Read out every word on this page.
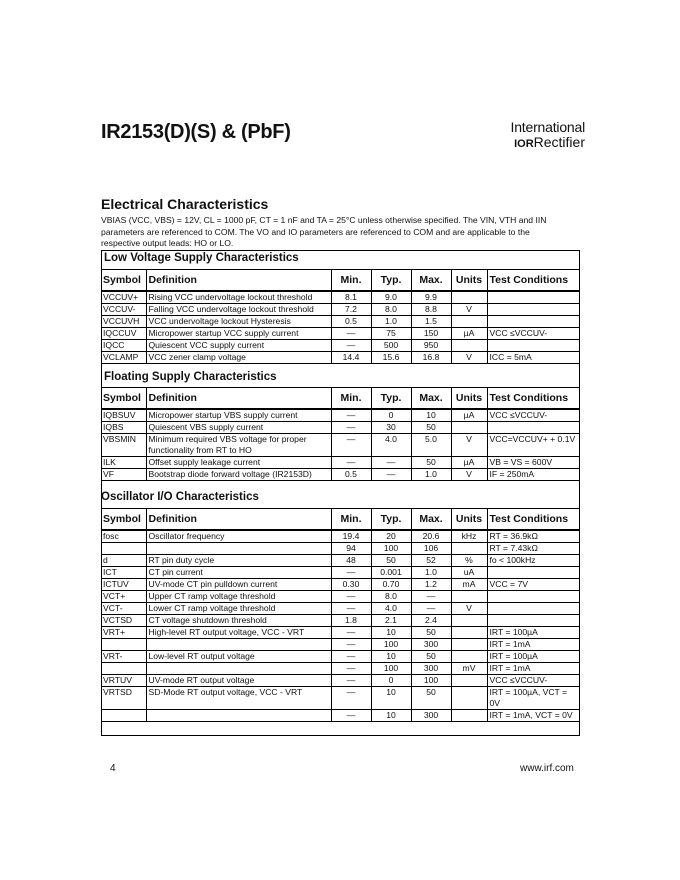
IR2153(D)(S) & (PbF)	International
IORRectifier
Electrical Characteristics
VBIAS (VCC, VBS) = 12V, CL = 1000 pF, CT = 1 nF and TA = 25°C unless otherwise specified. The VIN, VTH and IIN parameters are referenced to COM. The VO and IO parameters are referenced to COM and are applicable to the respective output leads: HO or LO.
Low Voltage Supply Characteristics
Symbol	Definition	Min.	Typ.	Max.	Units	Test Conditions
VCCUV+	Rising VCC undervoltage lockout threshold	8.1	9.0	9.9		
VCCUV-	Falling VCC undervoltage lockout threshold	7.2	8.0	8.8	V	
VCCUVH	VCC undervoltage lockout Hysteresis	0.5	1.0	1.5		
IQCCUV	Micropower startup VCC supply current	—	75	150	µA	VCC ≤VCCUV-
IQCC	Quiescent VCC supply current	—	500	950		
VCLAMP	VCC zener clamp voltage	14.4	15.6	16.8	V	ICC = 5mA
Floating Supply Characteristics
Symbol	Definition	Min.	Typ.	Max.	Units	Test Conditions
IQBSUV	Micropower startup VBS supply current	—	0	10	µA	VCC ≤VCCUV-
IQBS	Quiescent VBS supply current	—	30	50		
VBSMIN	Minimum required VBS voltage for proper functionality from RT to HO	—	4.0	5.0	V	VCC=VCCUV+ + 0.1V
ILK	Offset supply leakage current	—	—	50	µA	VB = VS = 600V
VF	Bootstrap diode forward voltage (IR2153D)	0.5	—	1.0	V	IF = 250mA
Oscillator I/O Characteristics
Symbol	Definition	Min.	Typ.	Max.	Units	Test Conditions
fosc	Oscillator frequency	19.4	20	20.6	kHz	RT = 36.9kΩ
		94	100	106		RT = 7.43kΩ
d	RT pin duty cycle	48	50	52	%	fo < 100kHz
ICT	CT pin current	—	0.001	1.0	uA	
ICTUV	UV-mode CT pin pulldown current	0.30	0.70	1.2	mA	VCC = 7V
VCT+	Upper CT ramp voltage threshold	—	8.0	—		
VCT-	Lower CT ramp voltage threshold	—	4.0	—	V	
VCTSD	CT voltage shutdown threshold	1.8	2.1	2.4		
VRT+	High-level RT output voltage, VCC - VRT	—	10	50		IRT = 100µA
		—	100	300		IRT = 1mA
VRT-	Low-level RT output voltage	—	10	50		IRT = 100µA
		—	100	300	mV	IRT = 1mA
VRTUV	UV-mode RT output voltage	—	0	100		VCC ≤VCCUV-
VRTSD	SD-Mode RT output voltage, VCC - VRT	—	10	50		IRT = 100µA, VCT = 0V
		—	10	300		IRT = 1mA, VCT = 0V
4	www.irf.com
